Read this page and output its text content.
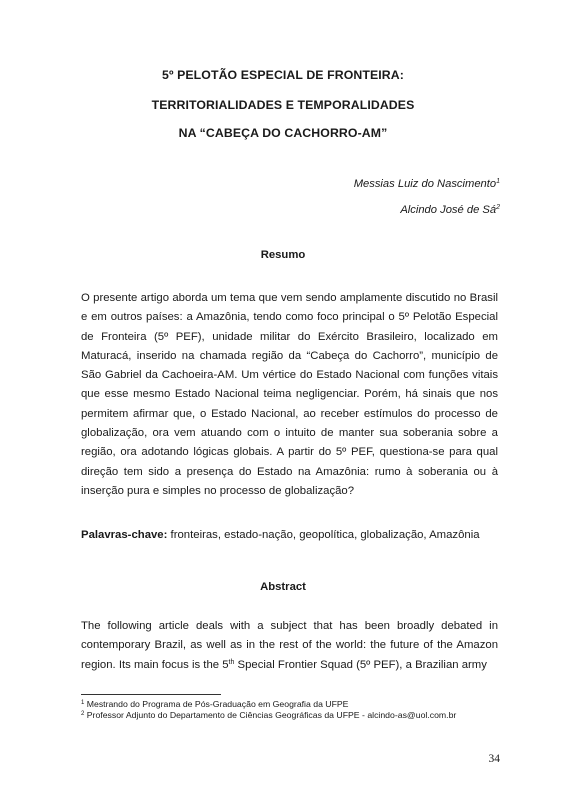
5º PELOTÃO ESPECIAL DE FRONTEIRA:
TERRITORIALIDADES E TEMPORALIDADES
NA “CABEÇA DO CACHORRO-AM”
Messias Luiz do Nascimento$^1$
Alcindo José de $Sá^2$
Resumo

O presente artigo aborda um tema que vem sendo amplamente discutido no Brasil e em outros países: a Amazônia, tendo como foco principal o 5º Pelotão Especial de Fronteira (5º PEF), unidade militar do Exército Brasileiro, localizado em Maturacá, inserido na chamada região da “Cabeça do Cachorro”, município de São Gabriel da Cachoeira-AM. Um vértice do Estado Nacional com funções vitais que esse mesmo Estado Nacional teima negligenciar. Porém, há sinais que nos permitem afirmar que, o Estado Nacional, ao receber estímulos do processo de globalização, ora vem atuando com o intuito de manter sua soberania sobre a região, ora adotando lógicas globais. A partir do 5º PEF, questiona-se para qual direção tem sido a presença do Estado na Amazônia: rumo à soberania ou à inserção pura e simples no processo de globalização?

Palavras-chave: fronteiras, estado-nação, geopolítica, globalização, Amazônia

Abstract

The following article deals with a subject that has been broadly debated in contemporary Brazil, as well as in the rest of the world: the future of the Amazon region. Its main focus is the 5th Special Frontier Squad (5º PEF), a Brazilian army

$^1$ Mestrando do Programa de Pós-Graduação em Geografia da UFPE

$^2$ Professor Adjunto do Departamento de Ciências Geográficas da UFPE - alcindo-as@uol.com.br

34
